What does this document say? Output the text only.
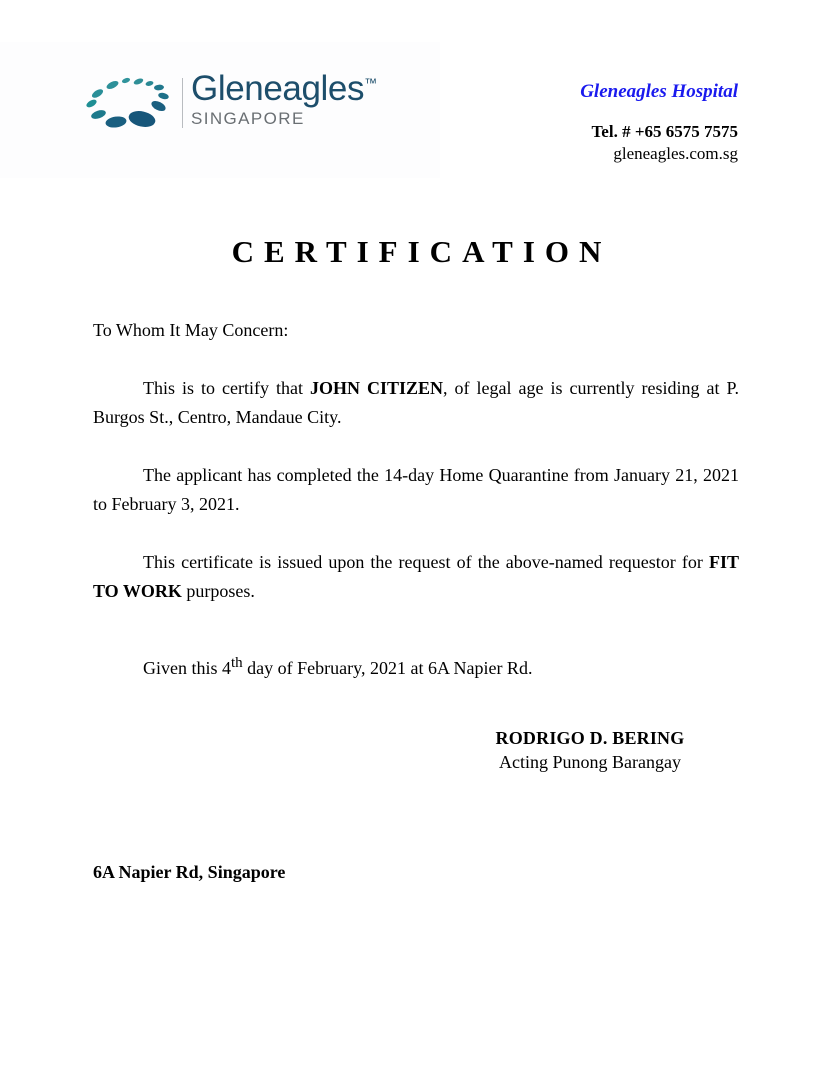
Gleneagles™
SINGAPORE
Gleneagles Hospital
Tel. # +65 6575 7575
gleneagles.com.sg
CERTIFICATION
To Whom It May Concern:

This is to certify that JOHN CITIZEN, of legal age is currently residing at P. Burgos St., Centro, Mandaue City.

The applicant has completed the 14-day Home Quarantine from January 21, 2021 to February 3, 2021.

This certificate is issued upon the request of the above-named requestor for FIT TO WORK purposes.

Given this 4th day of February, 2021 at 6A Napier Rd.

RODRIGO D. BERING
Acting Punong Barangay
6A Napier Rd, Singapore
